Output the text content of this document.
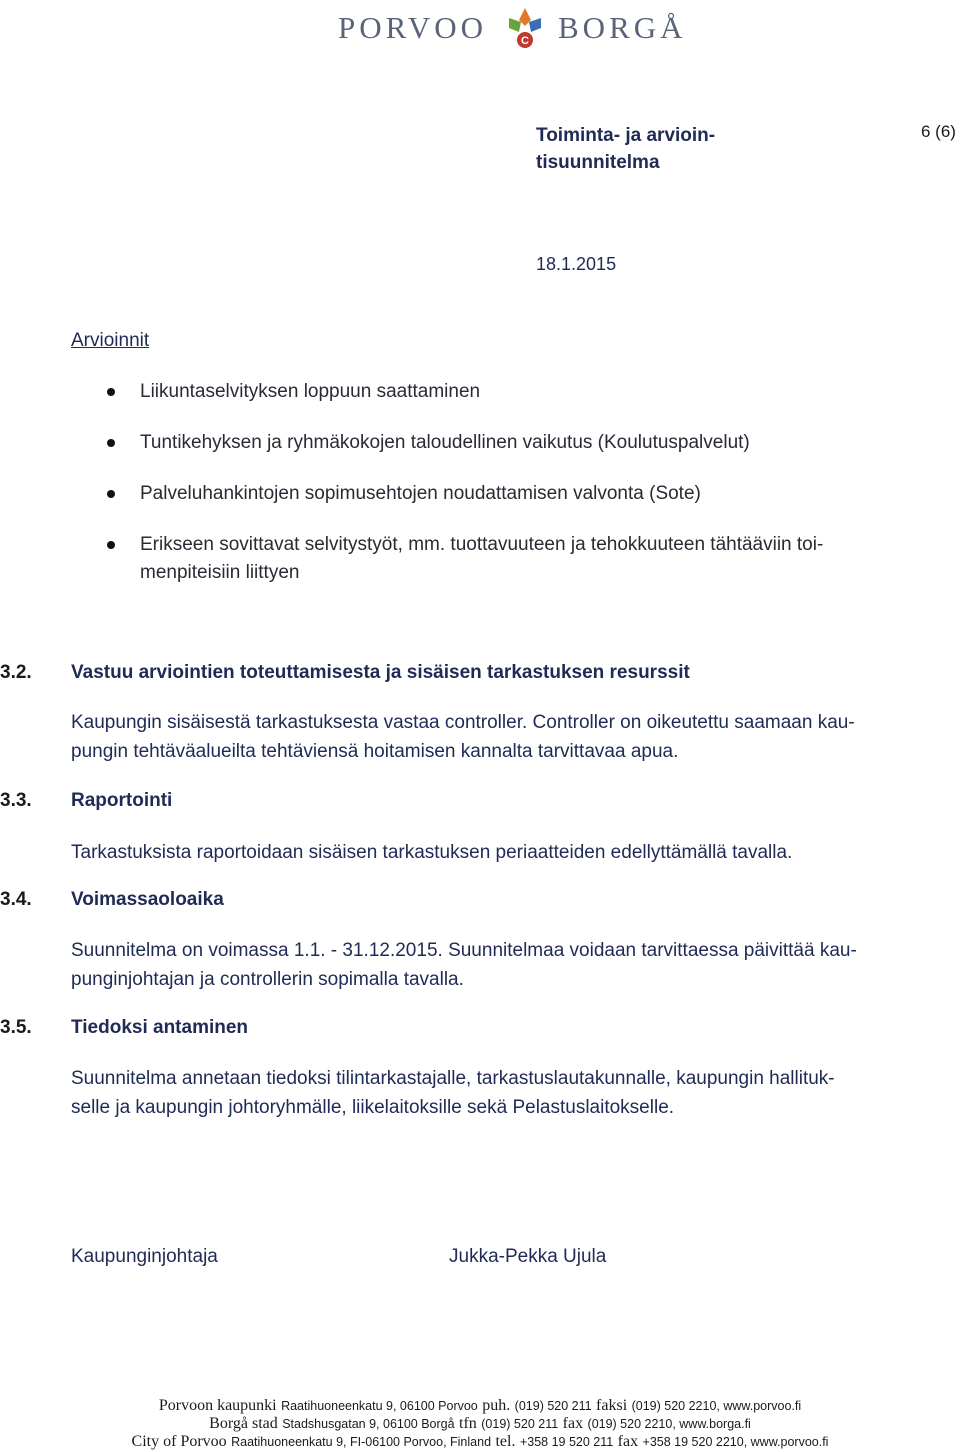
PORVOO	C BORGÅ
Toiminta- ja arvioin-
tisuunnitelma
6 (6)
18.1.2015
Arvioinnit
Liikuntaselvityksen loppuun saattaminen
Tuntikehyksen ja ryhmäkokojen taloudellinen vaikutus (Koulutuspalvelut)
Palveluhankintojen sopimusehtojen noudattamisen valvonta (Sote)
Erikseen sovittavat selvitystyöt, mm. tuottavuuteen ja tehokkuuteen tähtääviin toi-
menpiteisiin liittyen
3.2. Vastuu arviointien toteuttamisesta ja sisäisen tarkastuksen resurssit
Kaupungin sisäisestä tarkastuksesta vastaa controller. Controller on oikeutettu saamaan kau-
pungin tehtäväalueilta tehtäviensä hoitamisen kannalta tarvittavaa apua.
3.3. Raportointi
Tarkastuksista raportoidaan sisäisen tarkastuksen periaatteiden edellyttämällä tavalla.
3.4. Voimassaoloaika
Suunnitelma on voimassa 1.1. - 31.12.2015. Suunnitelmaa voidaan tarvittaessa päivittää kau-
punginjohtajan ja controllerin sopimalla tavalla.
3.5. Tiedoksi antaminen
Suunnitelma annetaan tiedoksi tilintarkastajalle, tarkastuslautakunnalle, kaupungin hallituk-
selle ja kaupungin johtoryhmälle, liikelaitoksille sekä Pelastuslaitokselle.
Kaupunginjohtaja	Jukka-Pekka Ujula
Porvoon kaupunki Raatihuoneenkatu 9, 06100 Porvoo puh. (019) 520 211 faksi (019) 520 2210, www.porvoo.fi
Borgå stad Stadshusgatan 9, 06100 Borgå tfn (019) 520 211 fax (019) 520 2210, www.borga.fi
City of Porvoo Raatihuoneenkatu 9, FI-06100 Porvoo, Finland tel. +358 19 520 211 fax +358 19 520 2210, www.porvoo.fi
